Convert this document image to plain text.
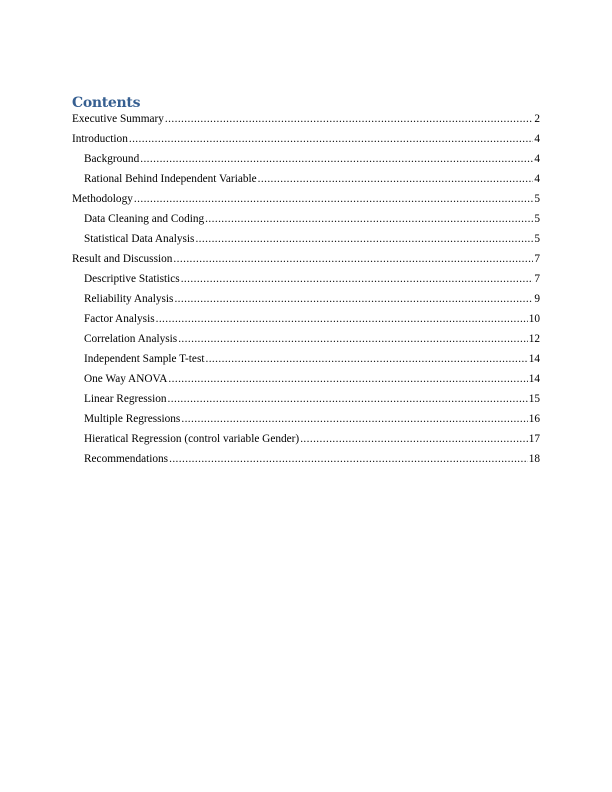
Contents
Executive Summary .....	2
Introduction .....	4
Background .....	4
Rational Behind Independent Variable .....	4
Methodology .....	5
Data Cleaning and Coding .....	5
Statistical Data Analysis .....	5
Result and Discussion .....	7
Descriptive Statistics .....	7
Reliability Analysis .....	9
Factor Analysis .....	10
Correlation Analysis .....	12
Independent Sample T-test .....	14
One Way ANOVA .....	14
Linear Regression .....	15
Multiple Regressions .....	16
Hieratical Regression (control variable Gender) .....	17
Recommendations .....	18
